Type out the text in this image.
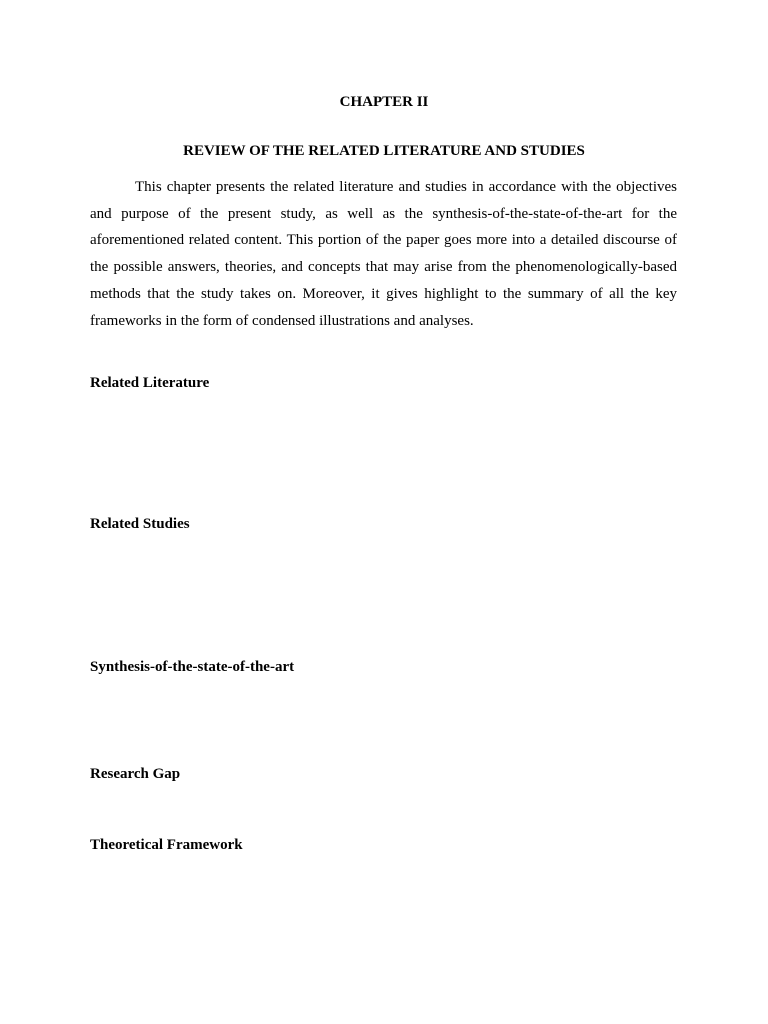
CHAPTER II
REVIEW OF THE RELATED LITERATURE AND STUDIES

This chapter presents the related literature and studies in accordance with the objectives and purpose of the present study, as well as the synthesis-of-the-state-of-the-art for the aforementioned related content. This portion of the paper goes more into a detailed discourse of the possible answers, theories, and concepts that may arise from the phenomenologically-based methods that the study takes on. Moreover, it gives highlight to the summary of all the key frameworks in the form of condensed illustrations and analyses.

Related Literature
Related Studies
Synthesis-of-the-state-of-the-art
Research Gap
Theoretical Framework
